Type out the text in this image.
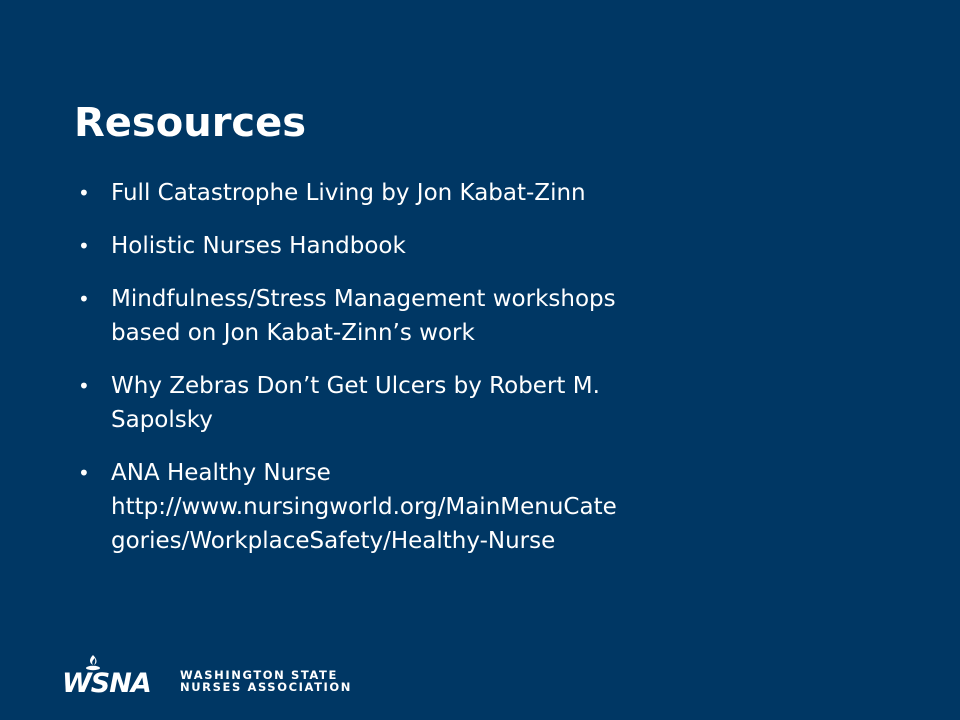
Resources
• Full Catastrophe Living by Jon Kabat-Zinn
• Holistic Nurses Handbook
• Mindfulness/Stress Management workshops
based on Jon Kabat-Zinn’s work
• Why Zebras Don’t Get Ulcers by Robert M.
Sapolsky
• ANA Healthy Nurse
http://www.nursingworld.org/MainMenuCate
gories/WorkplaceSafety/Healthy-Nurse
WSNA	WASHINGTON STATE
NURSES ASSOCIATION
